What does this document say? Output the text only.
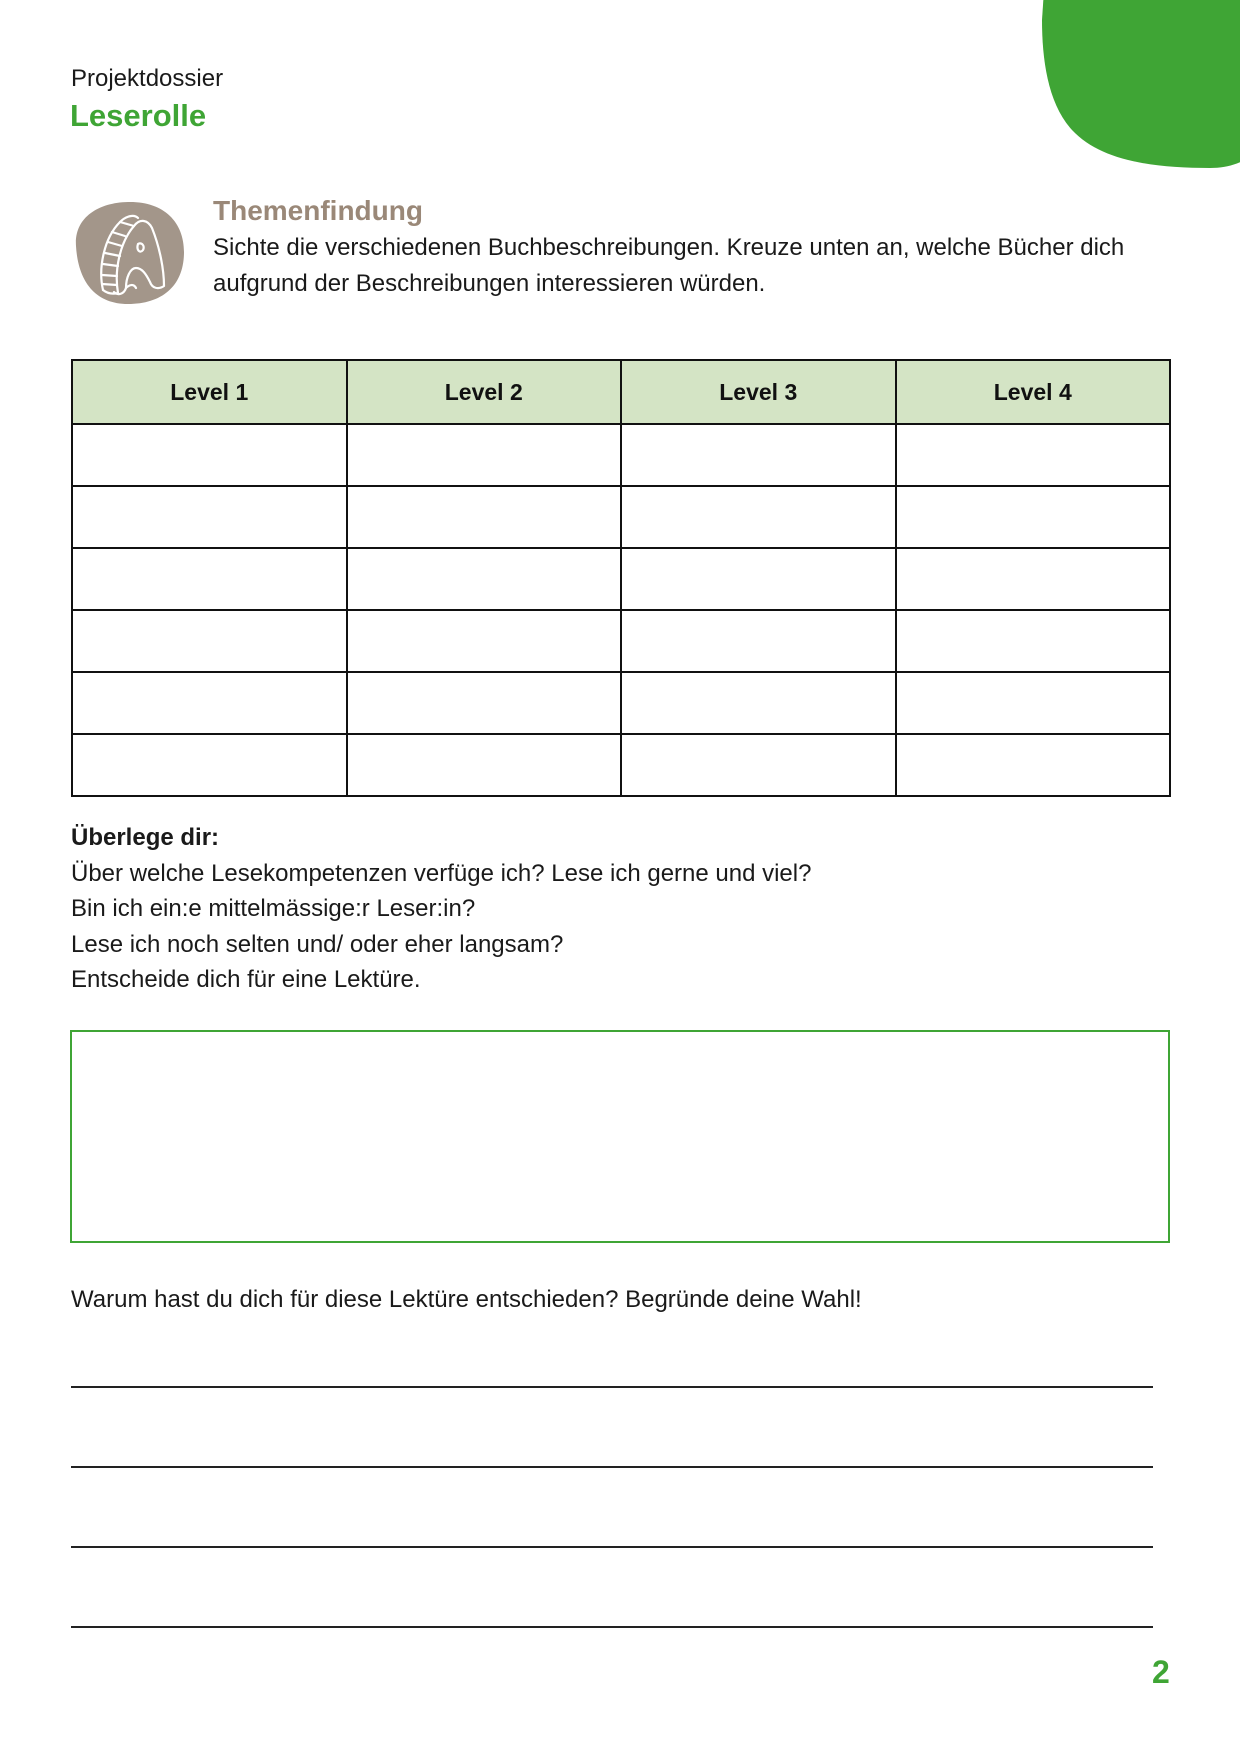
Projektdossier
Leserolle
Themenfindung
Sichte die verschiedenen Buchbeschreibungen. Kreuze unten an, welche Bücher dich
aufgrund der Beschreibungen interessieren würden.
Level 1	Level 2	Level 3	Level 4

Überlege dir:
Über welche Lesekompetenzen verfüge ich? Lese ich gerne und viel?
Bin ich ein:e mittelmässige:r Leser:in?
Lese ich noch selten und/ oder eher langsam?
Entscheide dich für eine Lektüre.
Warum hast du dich für diese Lektüre entschieden? Begründe deine Wahl!
2
